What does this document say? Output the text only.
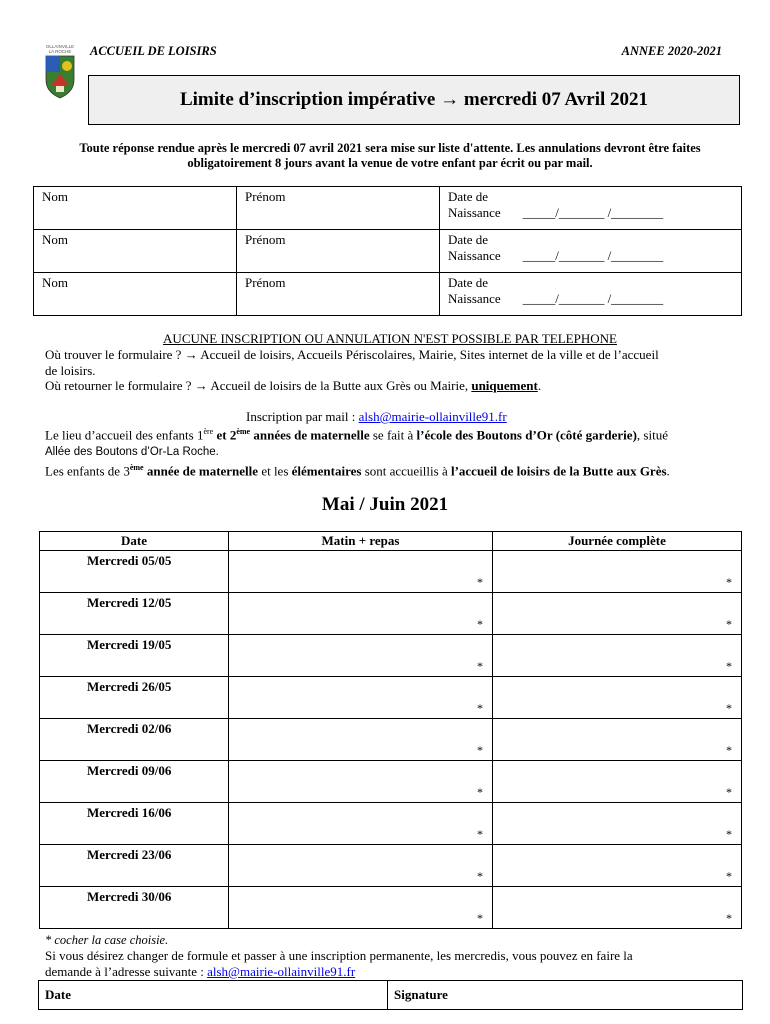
OLLAINVILLE
LA ROCHE ACCUEIL DE LOISIRS	ANNEE 2020-2021
Limite d’inscription impérative → mercredi 07 Avril 2021
Toute réponse rendue après le mercredi 07 avril 2021 sera mise sur liste d'attente. Les annulations devront être faites obligatoirement 8 jours avant la venue de votre enfant par écrit ou par mail.
Nom	Prénom	Date de
Naissance _____/_______ /________
Nom	Prénom	Date de
Naissance _____/_______ /________
Nom	Prénom	Date de
Naissance _____/_______ /________
AUCUNE INSCRIPTION OU ANNULATION N'EST POSSIBLE PAR TELEPHONE
Où trouver le formulaire ? → Accueil de loisirs, Accueils Périscolaires, Mairie, Sites internet de la ville et de l’accueil
de loisirs.
Où retourner le formulaire ? → Accueil de loisirs de la Butte aux Grès ou Mairie, uniquement.
Inscription par mail : alsh@mairie-ollainville91.fr
Le lieu d’accueil des enfants 1ère et 2ème années de maternelle se fait à l’école des Boutons d’Or (côté garderie), situé
Allée des Boutons d’Or-La Roche.
Les enfants de 3ème année de maternelle et les élémentaires sont accueillis à l’accueil de loisirs de la Butte aux Grès.
Mai / Juin 2021
Date	Matin + repas	Journée complète
Mercredi 05/05	*	*

Mercredi 12/05	*	*

Mercredi 19/05	*	*

Mercredi 26/05	*	*

Mercredi 02/06	*	*

Mercredi 09/06	*	*

Mercredi 16/06	*	*

Mercredi 23/06	*	*

Mercredi 30/06	*	*
* cocher la case choisie.
Si vous désirez changer de formule et passer à une inscription permanente, les mercredis, vous pouvez en faire la
demande à l’adresse suivante : alsh@mairie-ollainville91.fr
Date	Signature
